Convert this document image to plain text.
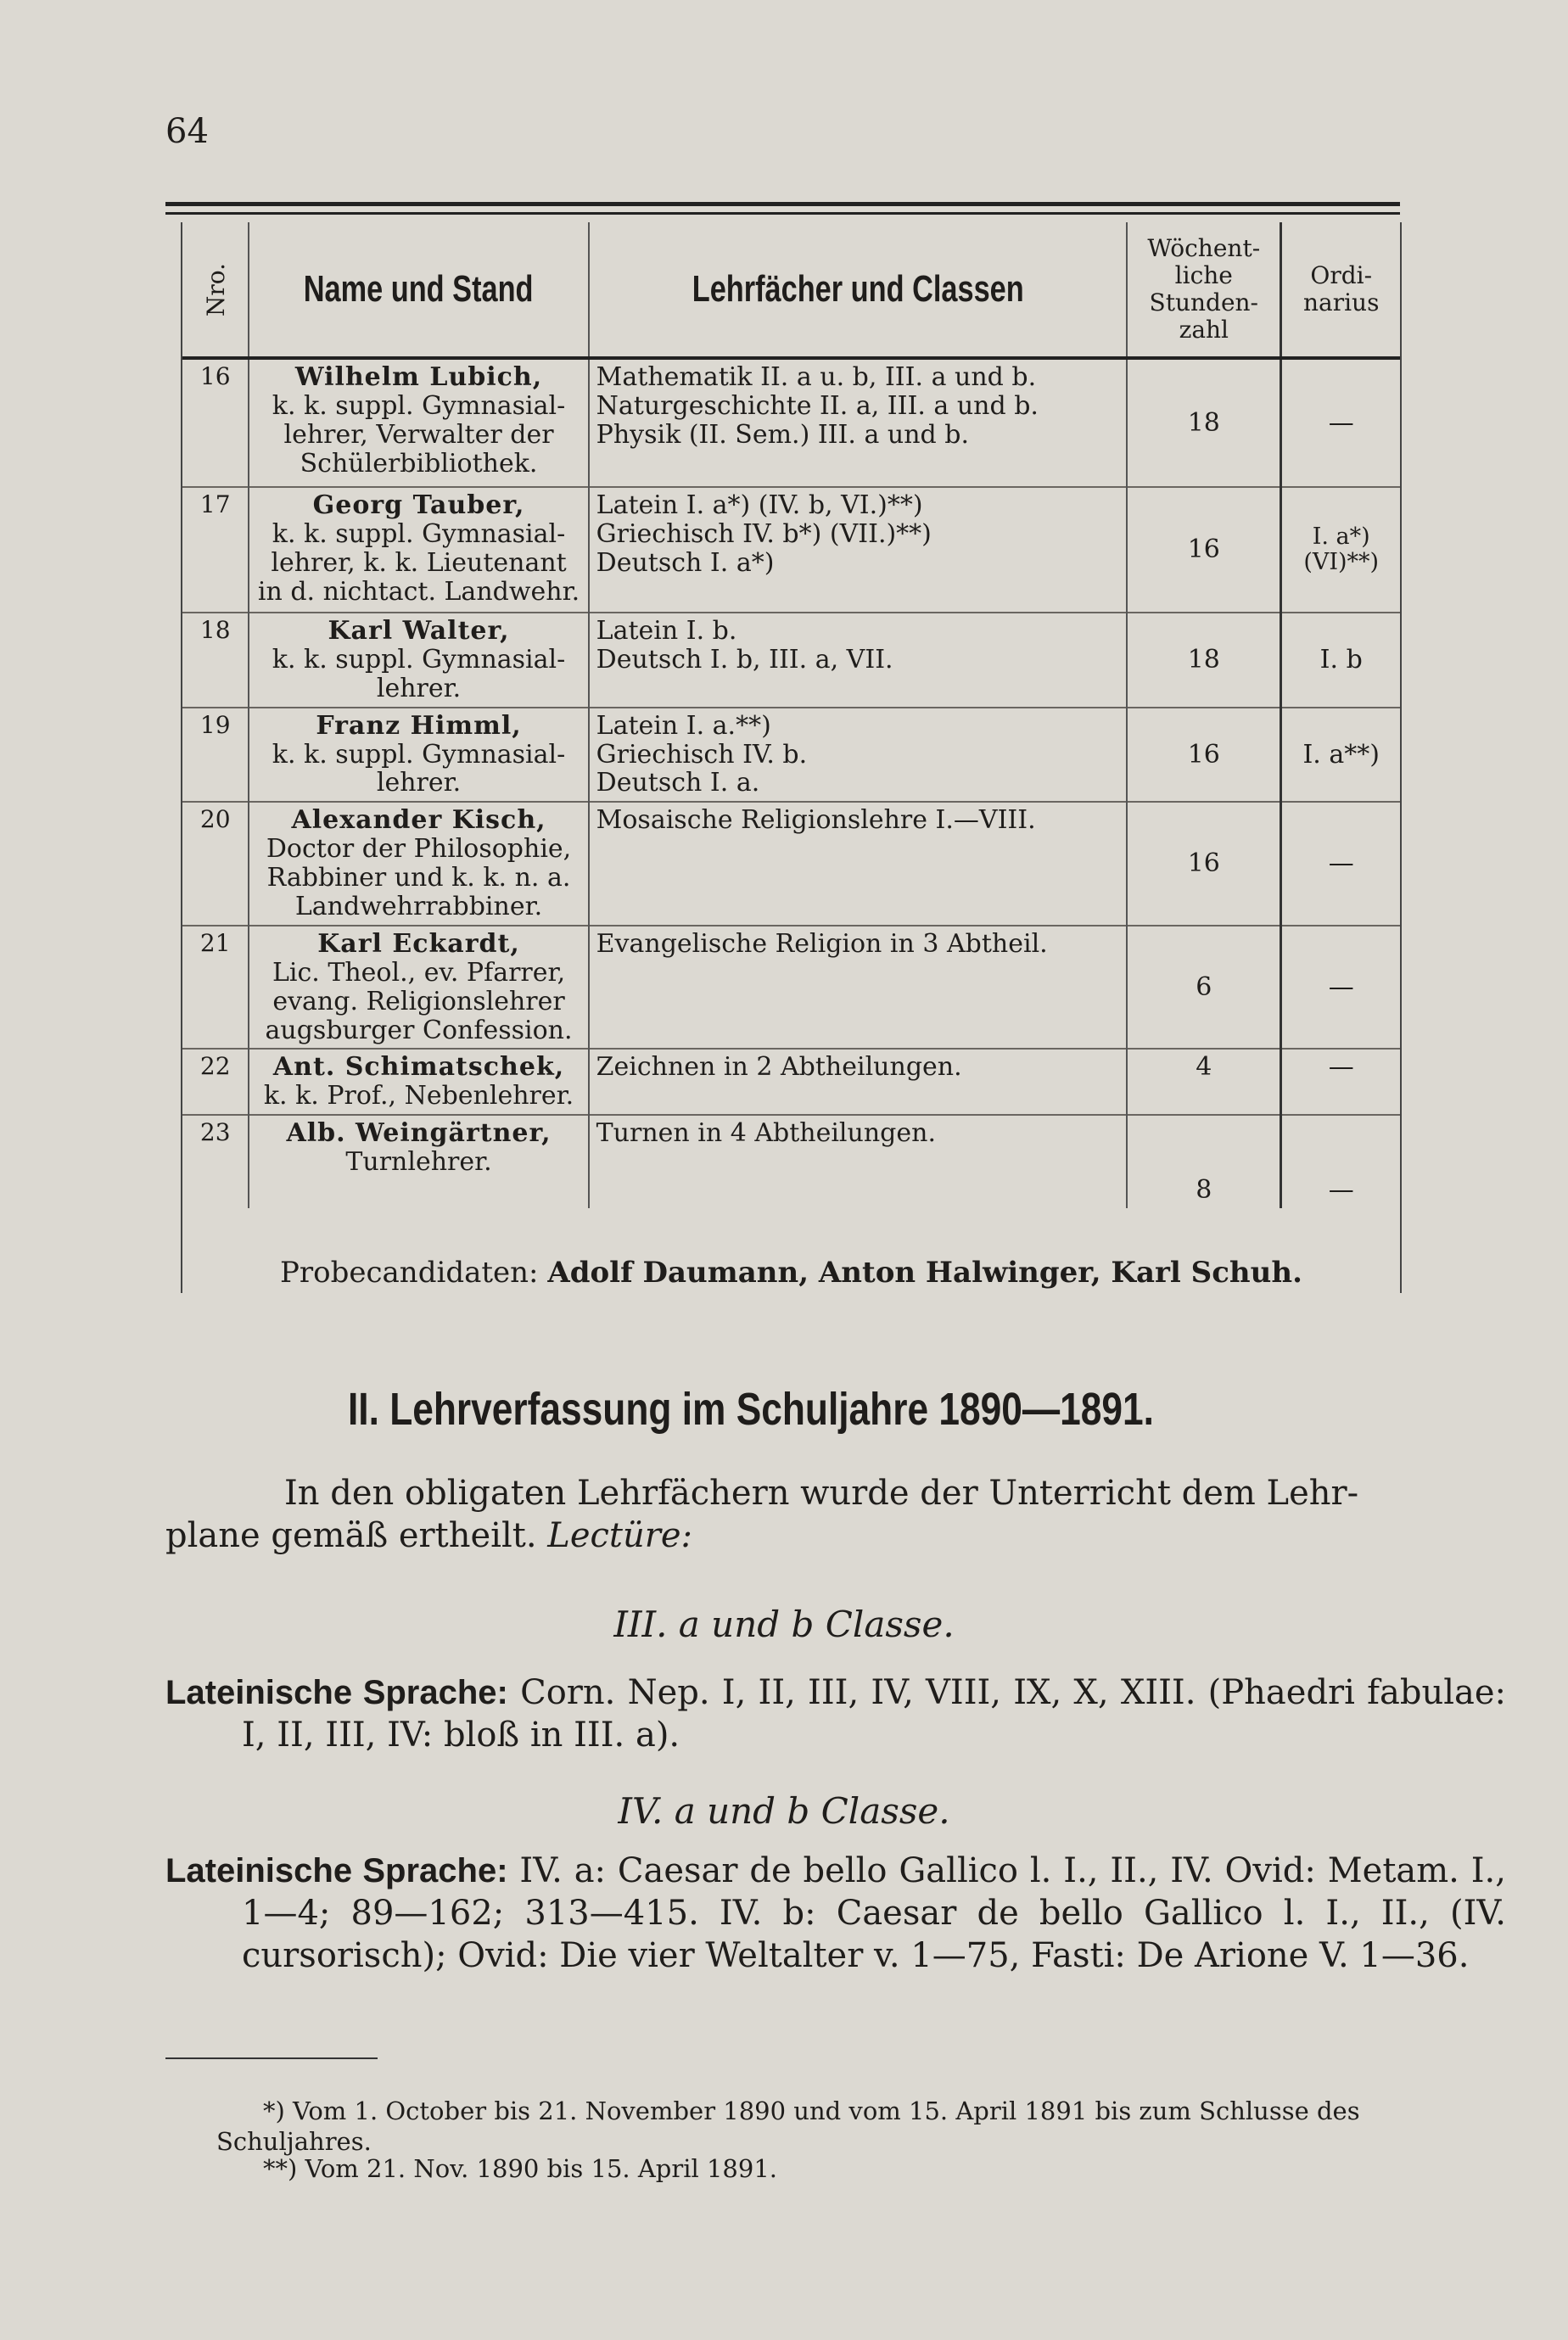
64
Nro.	Name und Stand	Lehrfächer und Classen	Wöchent-
liche
Stunden-
zahl	Ordi-
narius
16	Wilhelm Lubich,
k. k. suppl. Gymnasial-
lehrer, Verwalter der
Schülerbibliothek.	Mathematik II. a u. b, III. a und b.
Naturgeschichte II. a, III. a und b.
Physik (II. Sem.) III. a und b.	18	—
17	Georg Tauber,
k. k. suppl. Gymnasial-
lehrer, k. k. Lieutenant
in d. nichtact. Landwehr.	Latein I. a*) (IV. b, VI.)**)
Griechisch IV. b*) (VII.)**)
Deutsch I. a*)	16	I. a*) (VI)**)
18	Karl Walter,
k. k. suppl. Gymnasial-
lehrer.	Latein I. b.
Deutsch I. b, III. a, VII.	18	I. b
19	Franz Himml,
k. k. suppl. Gymnasial-
lehrer.	Latein I. a.**)
Griechisch IV. b.
Deutsch I. a.	16	I. a**)
20	Alexander Kisch,
Doctor der Philosophie,
Rabbiner und k. k. n. a.
Landwehrrabbiner.	Mosaische Religionslehre I.—VIII.	16	—
21	Karl Eckardt,
Lic. Theol., ev. Pfarrer,
evang. Religionslehrer
augsburger Confession.	Evangelische Religion in 3 Abtheil.	6	—
22	Ant. Schimatschek,
k. k. Prof., Nebenlehrer.	Zeichnen in 2 Abtheilungen.	4	—
23	Alb. Weingärtner,
Turnlehrer.	Turnen in 4 Abtheilungen.	8	—
Probecandidaten: Adolf Daumann, Anton Halwinger, Karl Schuh.
II. Lehrverfassung im Schuljahre 1890—1891.
In den obligaten Lehrfächern wurde der Unterricht dem Lehr-
plane gemäß ertheilt. Lectüre:
III. a und b Classe.
Lateinische Sprache: Corn. Nep. I, II, III, IV, VIII, IX, X, XIII. (Phaedri fabulae: I, II, III, IV: bloß in III. a).
IV. a und b Classe.
Lateinische Sprache: IV. a: Caesar de bello Gallico l. I., II., IV. Ovid: Metam. I., 1—4; 89—162; 313—415. IV. b: Caesar de bello Gallico l. I., II., (IV. cursorisch); Ovid: Die vier Weltalter v. 1—75, Fasti: De Arione V. 1—36.
*) Vom 1. October bis 21. November 1890 und vom 15. April 1891 bis zum Schlusse des Schuljahres.
**) Vom 21. Nov. 1890 bis 15. April 1891.
